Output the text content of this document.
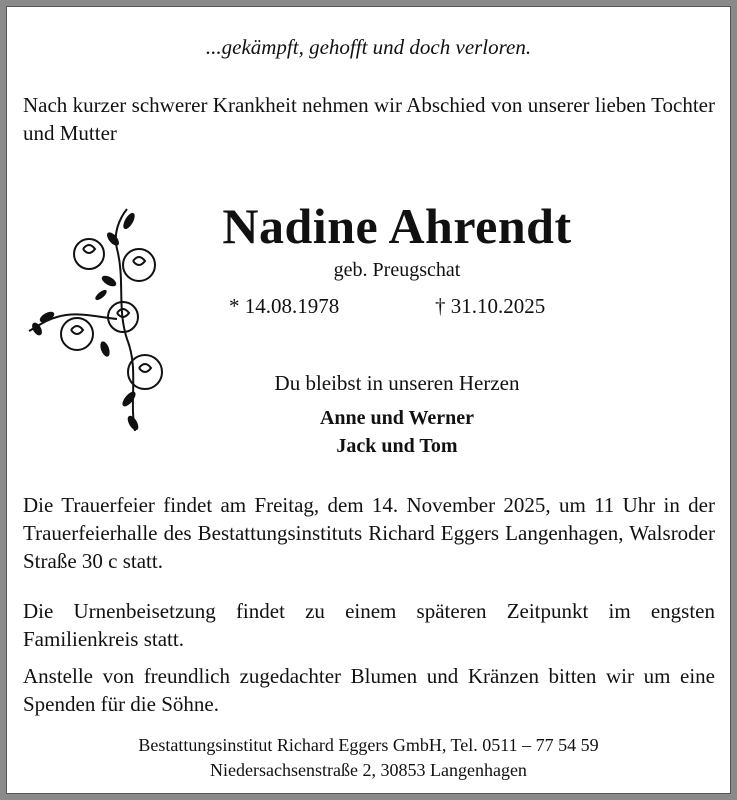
...gekämpft, gehofft und doch verloren.

Nach kurzer schwerer Krankheit nehmen wir Abschied von unserer lieben Tochter und Mutter

Nadine Ahrendt
geb. Preugschat
* 14.08.1978	† 31.10.2025
Du bleibst in unseren Herzen
Anne und Werner
Jack und Tom

Die Trauerfeier findet am Freitag, dem 14. November 2025, um 11 Uhr in der Trauerfeierhalle des Bestattungsinstituts Richard Eggers Langenhagen, Walsroder Straße 30 c statt.

Die Urnenbeisetzung findet zu einem späteren Zeitpunkt im engsten Familienkreis statt.

Anstelle von freundlich zugedachter Blumen und Kränzen bitten wir um eine Spenden für die Söhne.

Bestattungsinstitut Richard Eggers GmbH, Tel. 0511 – 77 54 59
Niedersachsenstraße 2, 30853 Langenhagen
